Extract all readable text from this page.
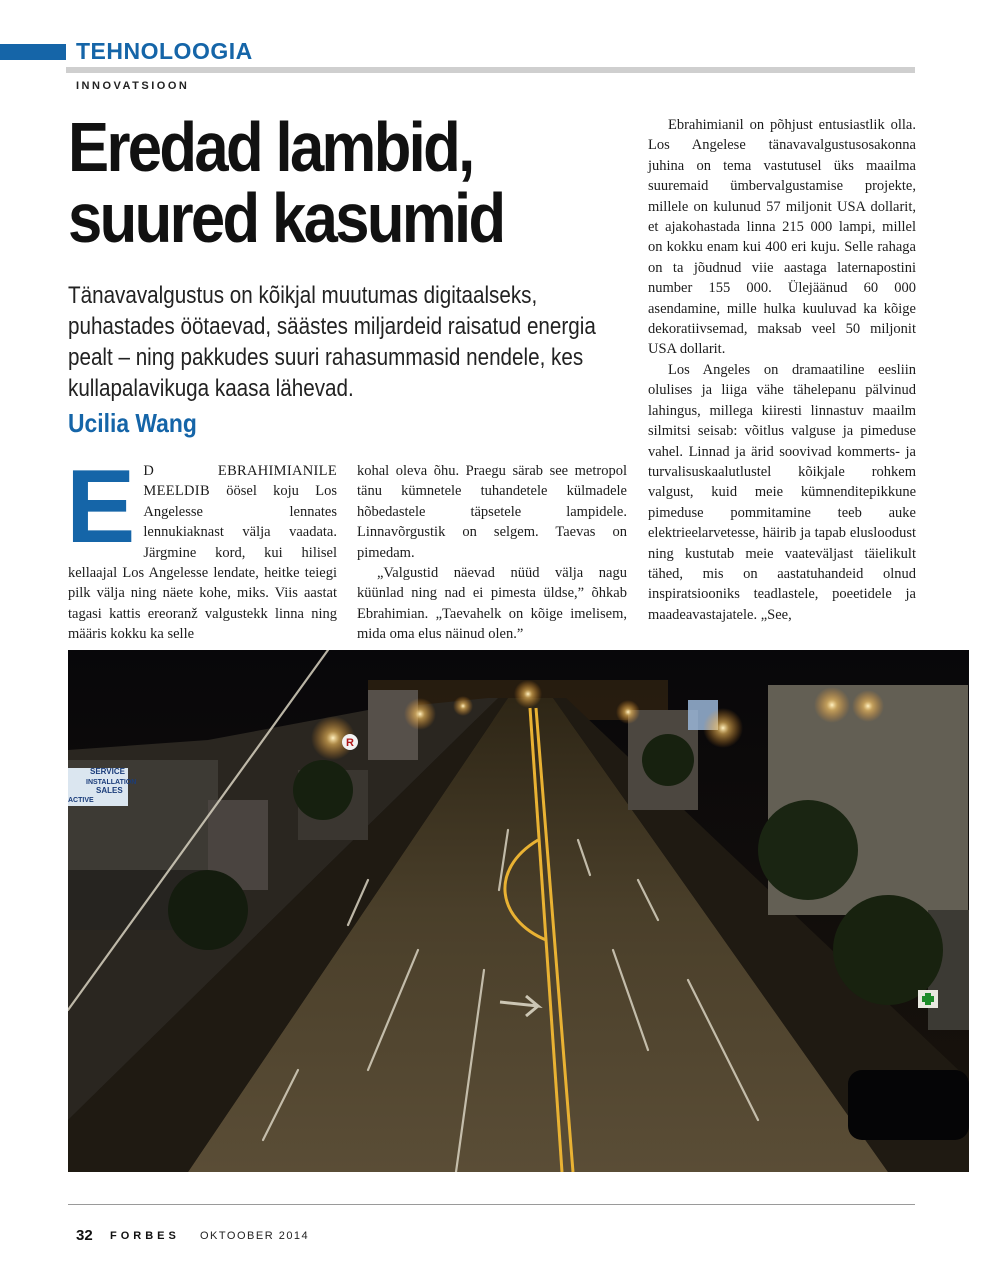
TEHNOLOOGIA
INNOVATSIOON
Eredad lambid,
suured kasumid

Tänavavalgustus on kõikjal muutumas digitaalseks, puhastades öötaevad, säästes miljardeid raisatud energia pealt – ning pakkudes suuri rahasummasid nendele, kes kullapalavikuga kaasa lähevad.

Ucilia Wang

E D EBRAHIMIANILE MEELDIB öösel koju Los Angelesse lennates lennukiaknast välja vaadata. Järgmine kord, kui hilisel kellaajal Los Angelesse lendate, heitke teiegi pilk välja ning näete kohe, miks. Viis aastat tagasi kattis ereoranž valgustekk linna ning määris kokku ka selle

kohal oleva õhu. Praegu särab see metropol tänu kümnetele tuhandetele külmadele hõbedastele täpsetele lampidele. Linnavõrgustik on selgem. Taevas on pimedam.

„Valgustid näevad nüüd välja nagu küünlad ning nad ei pimesta üldse,” õhkab Ebrahimian. „Taevahelk on kõige imelisem, mida oma elus näinud olen.”

Ebrahimianil on põhjust entusiastlik olla. Los Angelese tänavavalgustusosakonna juhina on tema vastutusel üks maailma suuremaid ümbervalgustamise projekte, millele on kulunud 57 miljonit USA dollarit, et ajakohastada linna 215 000 lampi, millel on kokku enam kui 400 eri kuju. Selle rahaga on ta jõudnud viie aastaga laternapostini number 155 000. Ülejäänud 60 000 asendamine, mille hulka kuuluvad ka kõige dekoratiivsemad, maksab veel 50 miljonit USA dollarit.

Los Angeles on dramaatiline eesliin olulises ja liiga vähe tähelepanu pälvinud lahingus, millega kiiresti linnastuv maailm silmitsi seisab: võitlus valguse ja pimeduse vahel. Linnad ja ärid soovivad kommerts- ja turvalisuskaalutlustel kõikjale rohkem valgust, kuid meie kümnenditepikkune pimeduse pommitamine teeb auke elektrieelarvetesse, häirib ja tapab elusloodust ning kustutab meie vaateväljast täielikult tähed, mis on aastatuhandeid olnud inspiratsiooniks teadlastele, poeetidele ja maadeavastajatele. „See,

SERVICE
INSTALLATION
SALES
ACTIVE
R
32 FORBES OKTOOBER 2014
